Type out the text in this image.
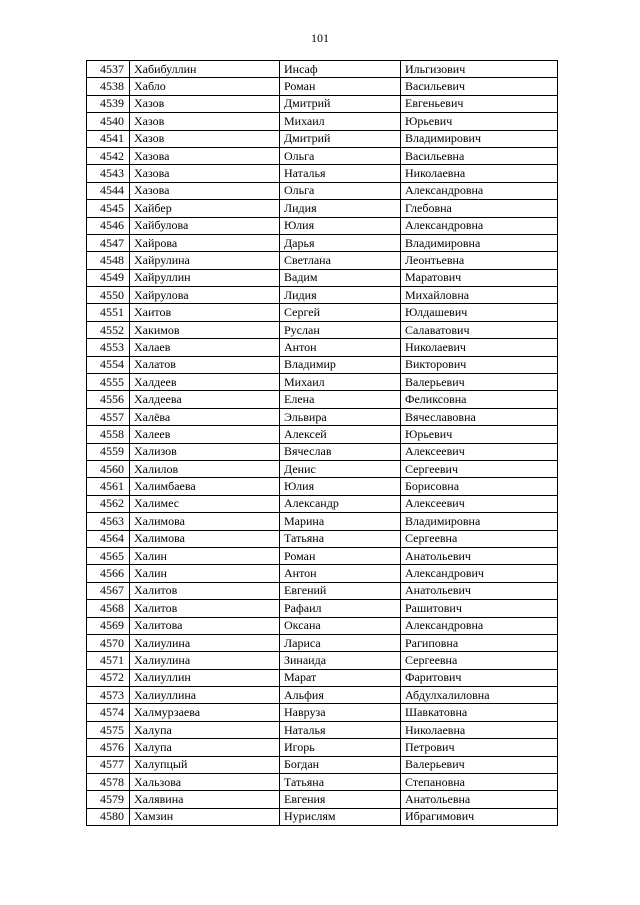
101
4537	Хабибуллин	Инсаф	Ильгизович
4538	Хабло	Роман	Васильевич
4539	Хазов	Дмитрий	Евгеньевич
4540	Хазов	Михаил	Юрьевич
4541	Хазов	Дмитрий	Владимирович
4542	Хазова	Ольга	Васильевна
4543	Хазова	Наталья	Николаевна
4544	Хазова	Ольга	Александровна
4545	Хайбер	Лидия	Глебовна
4546	Хайбулова	Юлия	Александровна
4547	Хайрова	Дарья	Владимировна
4548	Хайрулина	Светлана	Леонтьевна
4549	Хайруллин	Вадим	Маратович
4550	Хайрулова	Лидия	Михайловна
4551	Хаитов	Сергей	Юлдашевич
4552	Хакимов	Руслан	Салаватович
4553	Халаев	Антон	Николаевич
4554	Халатов	Владимир	Викторович
4555	Халдеев	Михаил	Валерьевич
4556	Халдеева	Елена	Феликсовна
4557	Халёва	Эльвира	Вячеславовна
4558	Халеев	Алексей	Юрьевич
4559	Хализов	Вячеслав	Алексеевич
4560	Халилов	Денис	Сергеевич
4561	Халимбаева	Юлия	Борисовна
4562	Халимес	Александр	Алексеевич
4563	Халимова	Марина	Владимировна
4564	Халимова	Татьяна	Сергеевна
4565	Халин	Роман	Анатольевич
4566	Халин	Антон	Александрович
4567	Халитов	Евгений	Анатольевич
4568	Халитов	Рафаил	Рашитович
4569	Халитова	Оксана	Александровна
4570	Халиулина	Лариса	Рагиповна
4571	Халиулина	Зинаида	Сергеевна
4572	Халиуллин	Марат	Фаритович
4573	Халиуллина	Альфия	Абдулхалиловна
4574	Халмурзаева	Навруза	Шавкатовна
4575	Халупа	Наталья	Николаевна
4576	Халупа	Игорь	Петрович
4577	Халупцый	Богдан	Валерьевич
4578	Хальзова	Татьяна	Степановна
4579	Халявина	Евгения	Анатольевна
4580	Хамзин	Нурислям	Ибрагимович
